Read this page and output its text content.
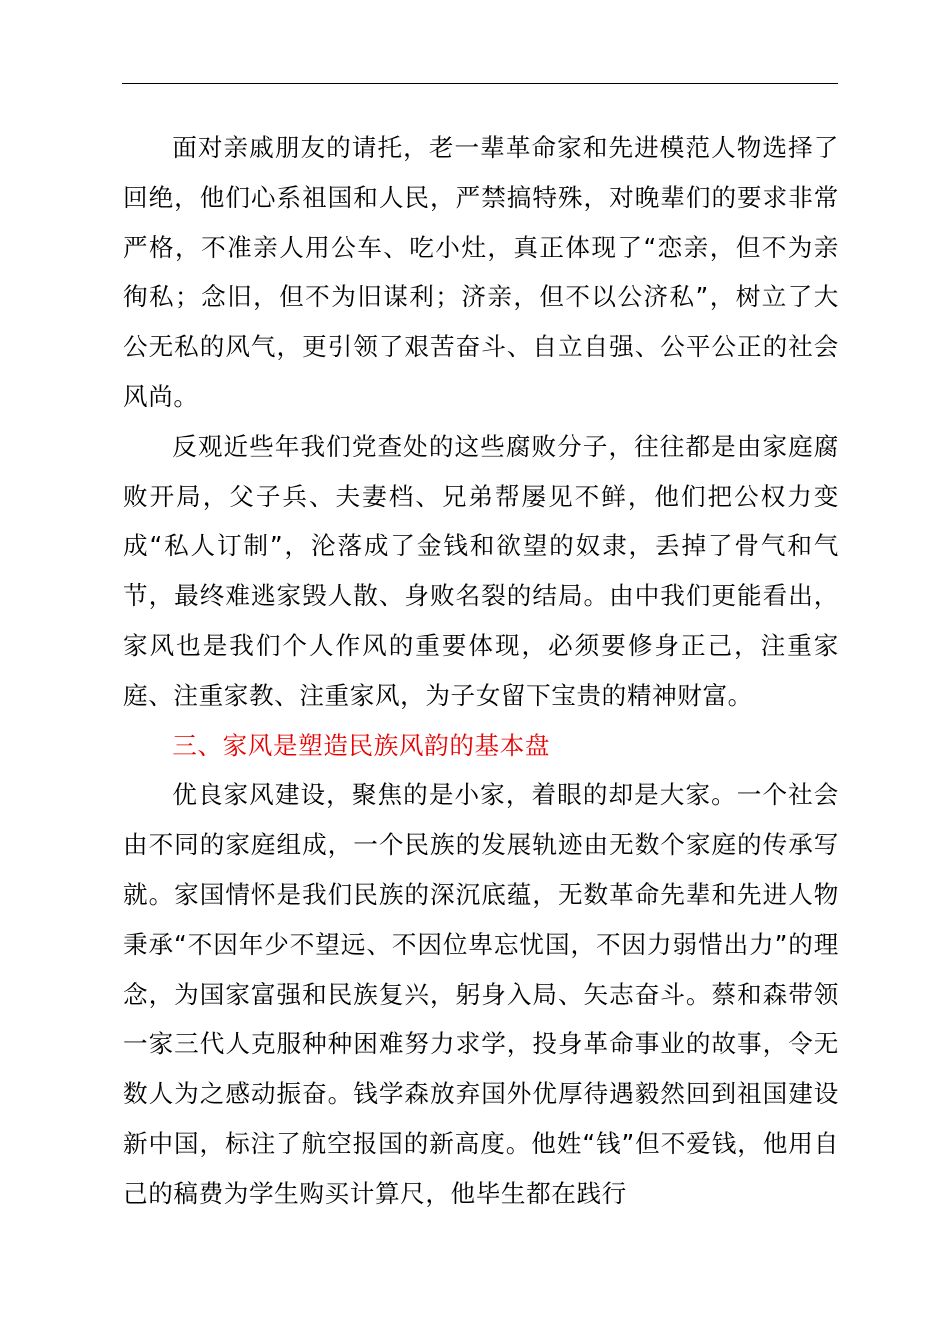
面对亲戚朋友的请托，老一辈革命家和先进模范人物选择了回绝，他们心系祖国和人民，严禁搞特殊，对晚辈们的要求非常严格，不准亲人用公车、吃小灶，真正体现了“恋亲，但不为亲徇私；念旧，但不为旧谋利；济亲，但不以公济私”，树立了大公无私的风气，更引领了艰苦奋斗、自立自强、公平公正的社会风尚。

反观近些年我们党查处的这些腐败分子，往往都是由家庭腐败开局，父子兵、夫妻档、兄弟帮屡见不鲜，他们把公权力变成“私人订制”，沦落成了金钱和欲望的奴隶，丢掉了骨气和气节，最终难逃家毁人散、身败名裂的结局。由中我们更能看出，家风也是我们个人作风的重要体现，必须要修身正己，注重家庭、注重家教、注重家风，为子女留下宝贵的精神财富。

三、家风是塑造民族风韵的基本盘

优良家风建设，聚焦的是小家，着眼的却是大家。一个社会由不同的家庭组成，一个民族的发展轨迹由无数个家庭的传承写就。家国情怀是我们民族的深沉底蕴，无数革命先辈和先进人物秉承“不因年少不望远、不因位卑忘忧国，不因力弱惜出力”的理念，为国家富强和民族复兴，躬身入局、矢志奋斗。蔡和森带领一家三代人克服种种困难努力求学，投身革命事业的故事，令无数人为之感动振奋。钱学森放弃国外优厚待遇毅然回到祖国建设新中国，标注了航空报国的新高度。他姓“钱”但不爱钱，他用自己的稿费为学生购买计算尺，他毕生都在践行
